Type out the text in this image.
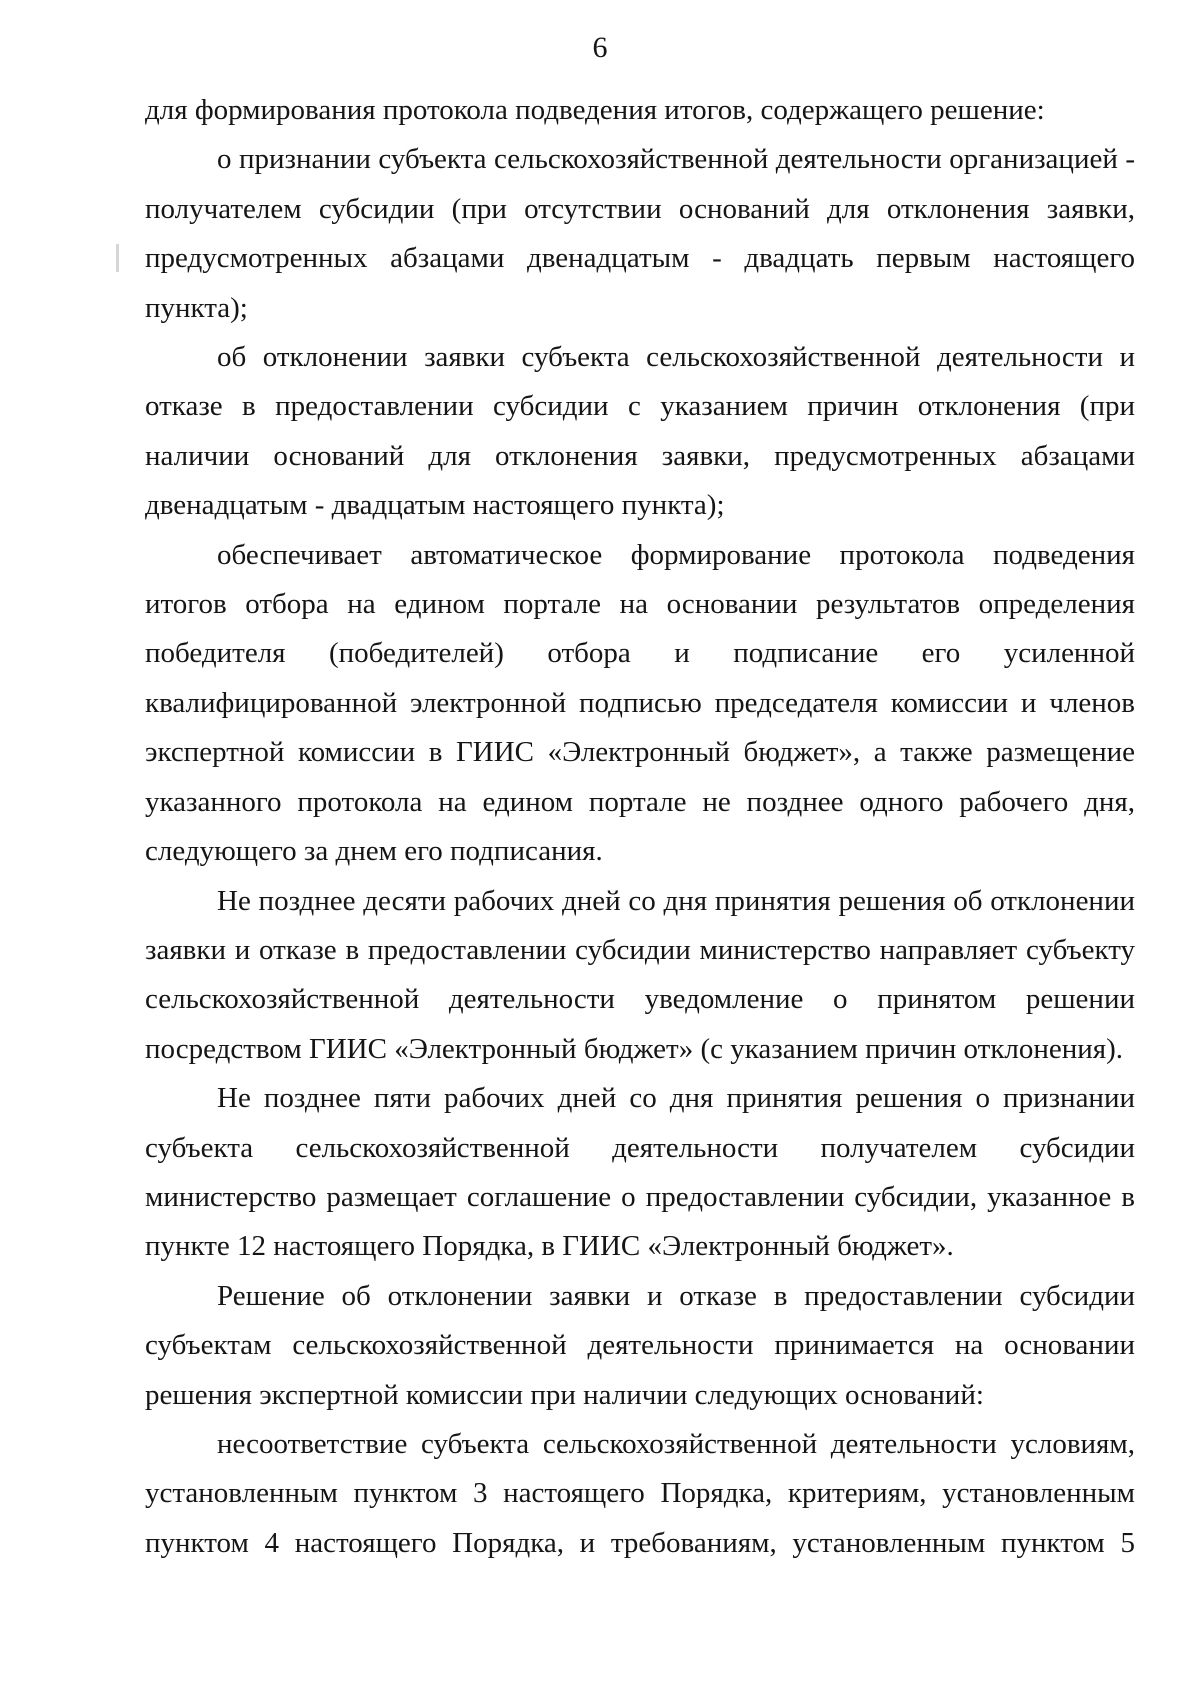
6

для формирования протокола подведения итогов, содержащего решение:

о признании субъекта сельскохозяйственной деятельности организацией - получателем субсидии (при отсутствии оснований для отклонения заявки, предусмотренных абзацами двенадцатым - двадцать первым настоящего пункта);

об отклонении заявки субъекта сельскохозяйственной деятельности и отказе в предоставлении субсидии с указанием причин отклонения (при наличии оснований для отклонения заявки, предусмотренных абзацами двенадцатым - двадцатым настоящего пункта);

обеспечивает автоматическое формирование протокола подведения итогов отбора на едином портале на основании результатов определения победителя (победителей) отбора и подписание его усиленной квалифицированной электронной подписью председателя комиссии и членов экспертной комиссии в ГИИС «Электронный бюджет», а также размещение указанного протокола на едином портале не позднее одного рабочего дня, следующего за днем его подписания.

Не позднее десяти рабочих дней со дня принятия решения об отклонении заявки и отказе в предоставлении субсидии министерство направляет субъекту сельскохозяйственной деятельности уведомление о принятом решении посредством ГИИС «Электронный бюджет» (с указанием причин отклонения).

Не позднее пяти рабочих дней со дня принятия решения о признании субъекта сельскохозяйственной деятельности получателем субсидии министерство размещает соглашение о предоставлении субсидии, указанное в пункте 12 настоящего Порядка, в ГИИС «Электронный бюджет».

Решение об отклонении заявки и отказе в предоставлении субсидии субъектам сельскохозяйственной деятельности принимается на основании решения экспертной комиссии при наличии следующих оснований:

несоответствие субъекта сельскохозяйственной деятельности условиям, установленным пунктом 3 настоящего Порядка, критериям, установленным пунктом 4 настоящего Порядка, и требованиям, установленным пунктом 5
